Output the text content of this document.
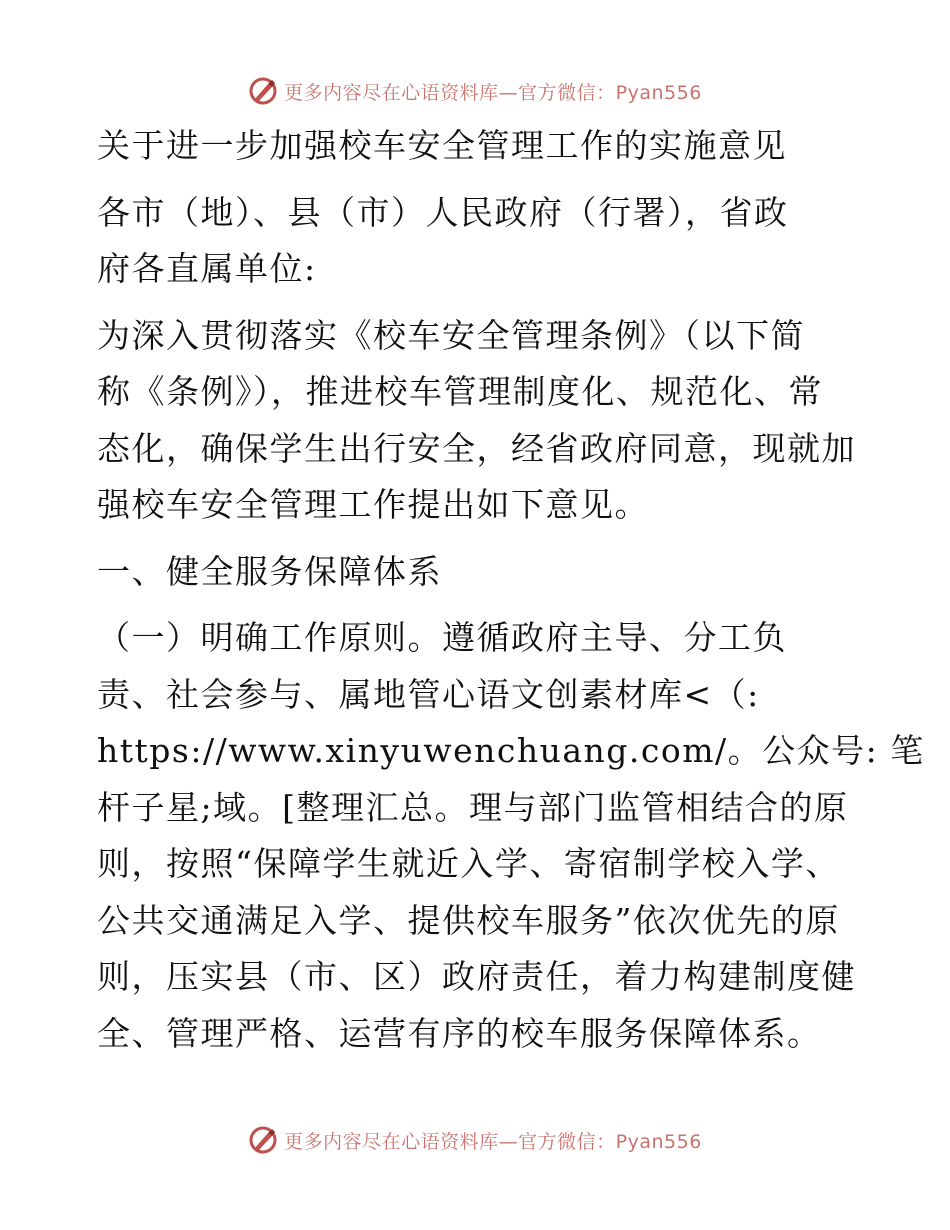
更多内容尽在心语资料库—官方微信：Pyan556
关于进一步加强校车安全管理工作的实施意见
各市（地）、县（市）人民政府（行署），省政
府各直属单位:
为深入贯彻落实《校车安全管理条例》（以下简
称《条例》），推进校车管理制度化、规范化、常
态化，确保学生出行安全，经省政府同意，现就加
强校车安全管理工作提出如下意见。
一、健全服务保障体系
（一）明确工作原则。遵循政府主导、分工负
责、社会参与、属地管心语文创素材库<（:
https://www.xinyuwenchuang.com/。公众号: 笔
杆子星;域。[整理汇总。理与部门监管相结合的原
则，按照“保障学生就近入学、寄宿制学校入学、
公共交通满足入学、提供校车服务”依次优先的原
则，压实县（市、区）政府责任，着力构建制度健
全、管理严格、运营有序的校车服务保障体系。
更多内容尽在心语资料库—官方微信：Pyan556
